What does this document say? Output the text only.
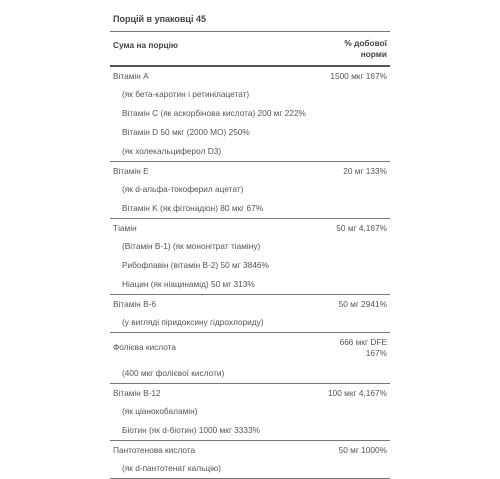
Порцій в упаковці 45
Сума на порцію	% добової
норми
Вітамін A	1500 мкг 167%
(як бета-каротин і ретинілацетат)
Вітамін C (як аскорбінова кислота) 200 мг 222%
Вітамін D 50 мкг (2000 МО) 250%
(як холекальциферол D3)
Вітамін E	20 мг 133%
(як d-альфа-токоферил ацетат)
Вітамін K (як фітонадіон) 80 мкг 67%
Тіамін	50 мг 4,167%
(Вітамін B-1) (як мононітрат тіаміну)
Рибофлавін (вітамін B-2) 50 мг 3846%
Ніацин (як ніацинамід) 50 мг 313%
Вітамін B-6	50 мг 2941%
(у вигляді піридоксину гідрохлориду)
Фолієва кислота	666 мкг DFE
167%
(400 мкг фолієвої кислоти)
Вітамін B-12	100 мкг 4,167%
(як ціанокобаламін)
Біотин (як d-біотин) 1000 мкг 3333%
Пантотенова кислота	50 мг 1000%
(як d-пантотенат кальцію)
